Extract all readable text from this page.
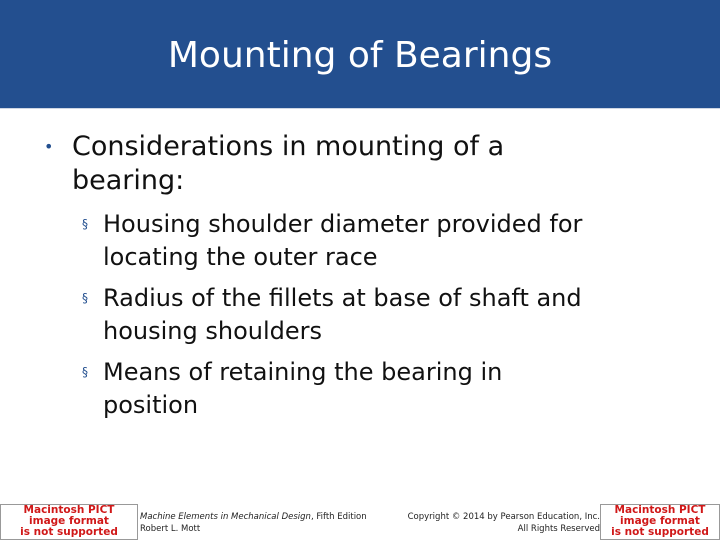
Mounting of Bearings
• Considerations in mounting of a
bearing:
§ Housing shoulder diameter provided for
locating the outer race
§ Radius of the fillets at base of shaft and
housing shoulders
§ Means of retaining the bearing in
position
Macintosh PICT
image format
is not supported
Machine Elements in Mechanical Design, Fifth Edition
Robert L. Mott
Copyright © 2014 by Pearson Education, Inc.
All Rights Reserved
Macintosh PICT
image format
is not supported
